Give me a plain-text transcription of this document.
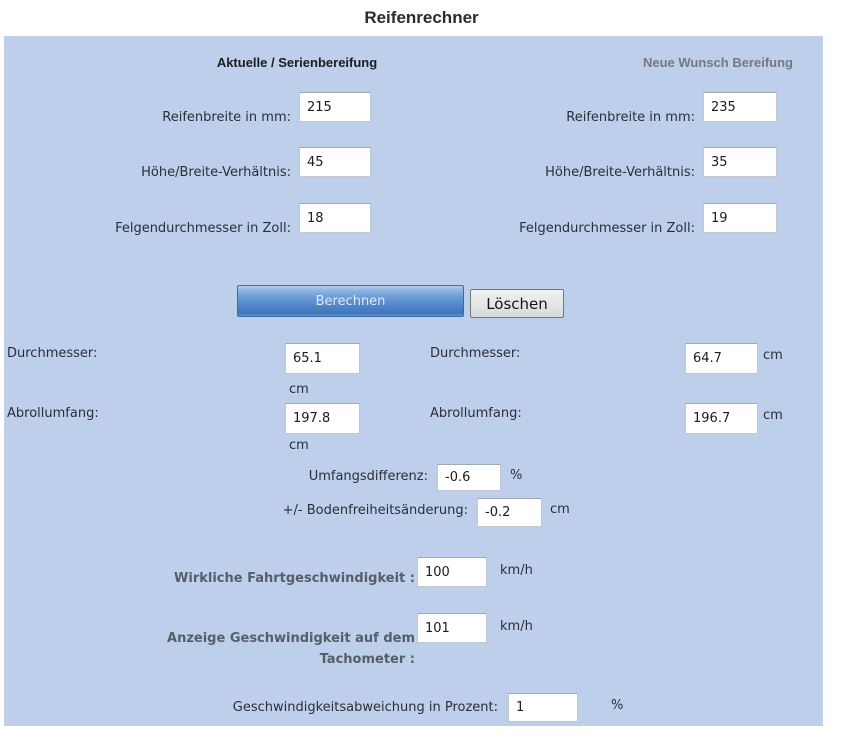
Reifenrechner
Aktuelle / Serienbereifung	Neue Wunsch Bereifung
Reifenbreite in mm:
215
Höhe/Breite-Verhältnis:
45
Felgendurchmesser in Zoll:
18
Reifenbreite in mm:
235
Höhe/Breite-Verhältnis:
35
Felgendurchmesser in Zoll:
19
Berechnen	Löschen
Durchmesser:
65.1
cm
Abrollumfang:
197.8
cm
Durchmesser:
64.7	cm
Abrollumfang:
196.7	cm
Umfangsdifferenz:
-0.6	%
+/- Bodenfreiheitsänderung:
-0.2	cm
Wirkliche Fahrtgeschwindigkeit :
100
km/h
Anzeige Geschwindigkeit auf dem
Tachometer :
101
km/h
Geschwindigkeitsabweichung in Prozent:
1	%
